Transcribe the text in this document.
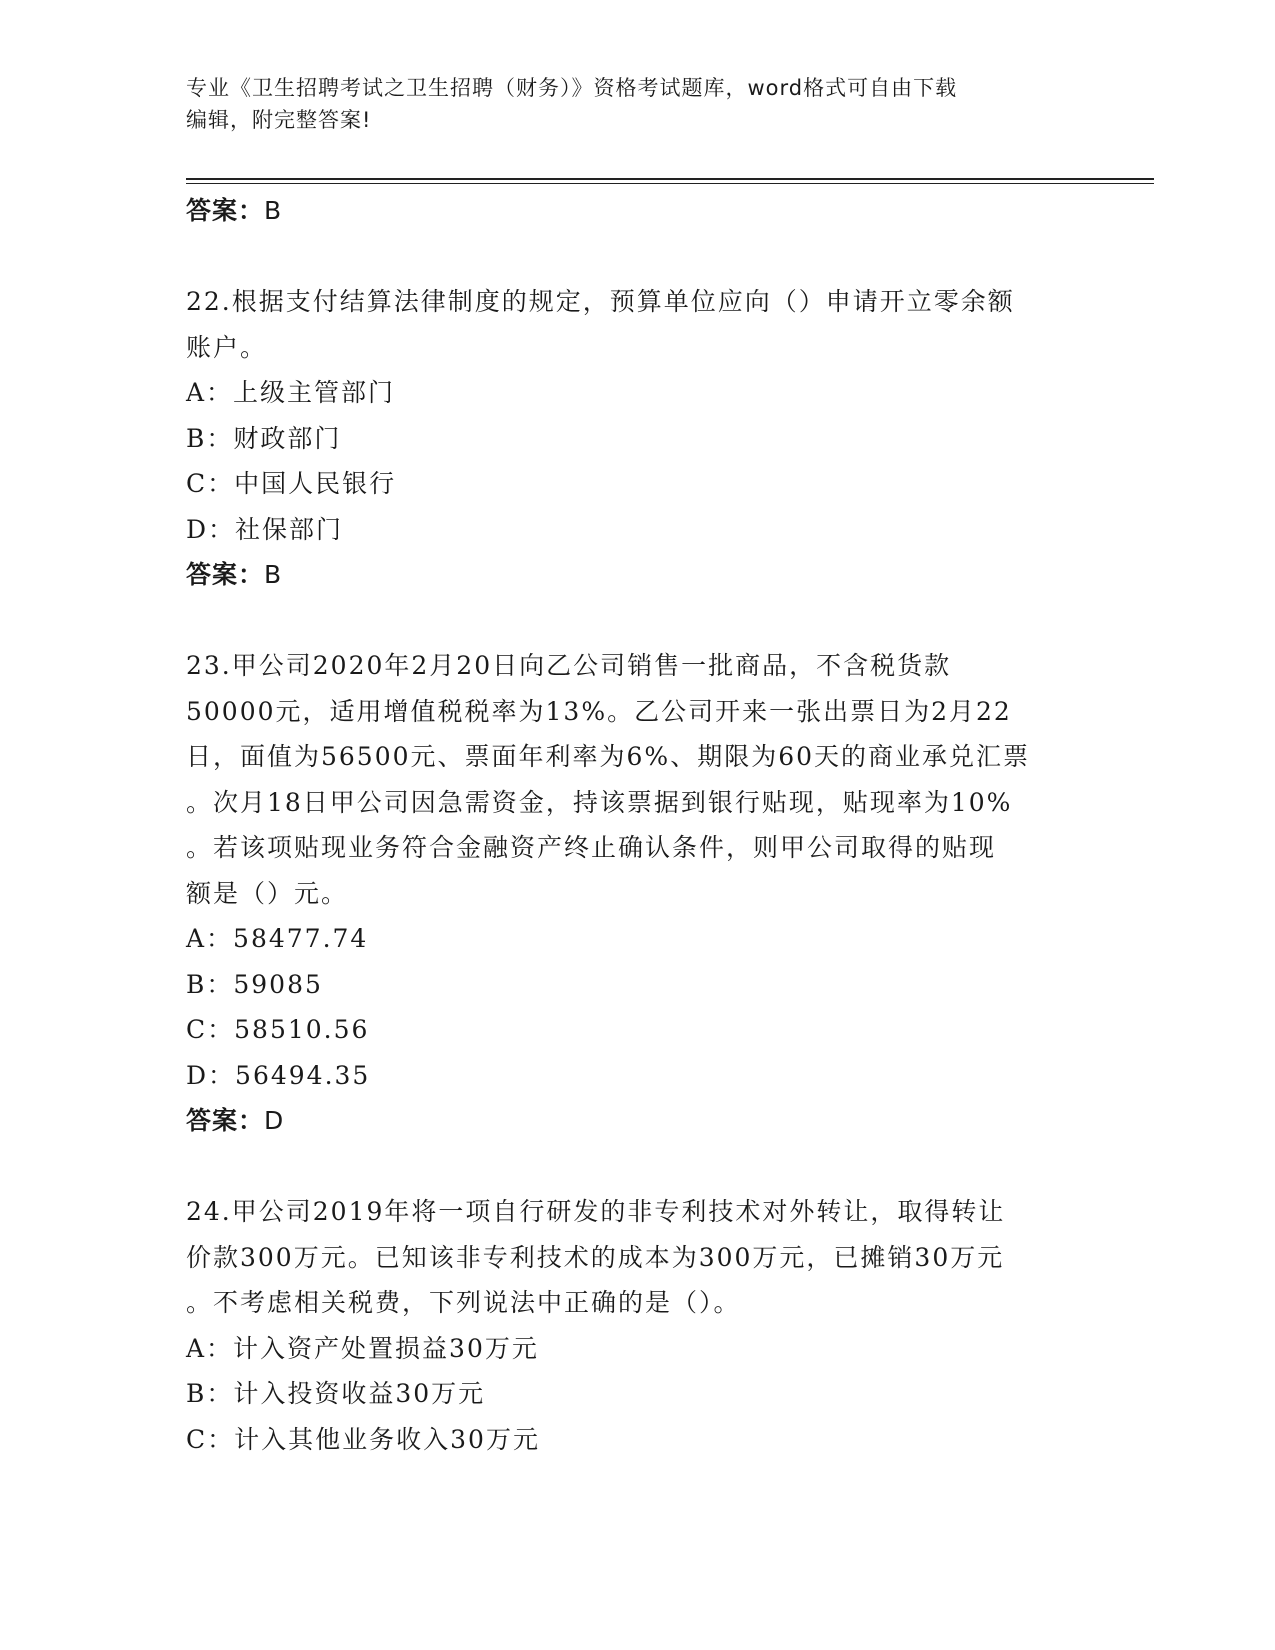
专业《卫生招聘考试之卫生招聘（财务）》资格考试题库，word格式可自由下载
编辑，附完整答案!
答案：B

22.根据支付结算法律制度的规定，预算单位应向（）申请开立零余额

账户。

A：上级主管部门

B：财政部门

C：中国人民银行

D：社保部门

答案：B

23.甲公司2020年2月20日向乙公司销售一批商品，不含税货款

50000元，适用增值税税率为13%。乙公司开来一张出票日为2月22

日，面值为56500元、票面年利率为6%、期限为60天的商业承兑汇票

。次月18日甲公司因急需资金，持该票据到银行贴现，贴现率为10%

。若该项贴现业务符合金融资产终止确认条件，则甲公司取得的贴现

额是（）元。

A：58477.74

B：59085

C：58510.56

D：56494.35

答案：D

24.甲公司2019年将一项自行研发的非专利技术对外转让，取得转让

价款300万元。已知该非专利技术的成本为300万元，已摊销30万元

。不考虑相关税费，下列说法中正确的是（）。

A：计入资产处置损益30万元

B：计入投资收益30万元

C：计入其他业务收入30万元
